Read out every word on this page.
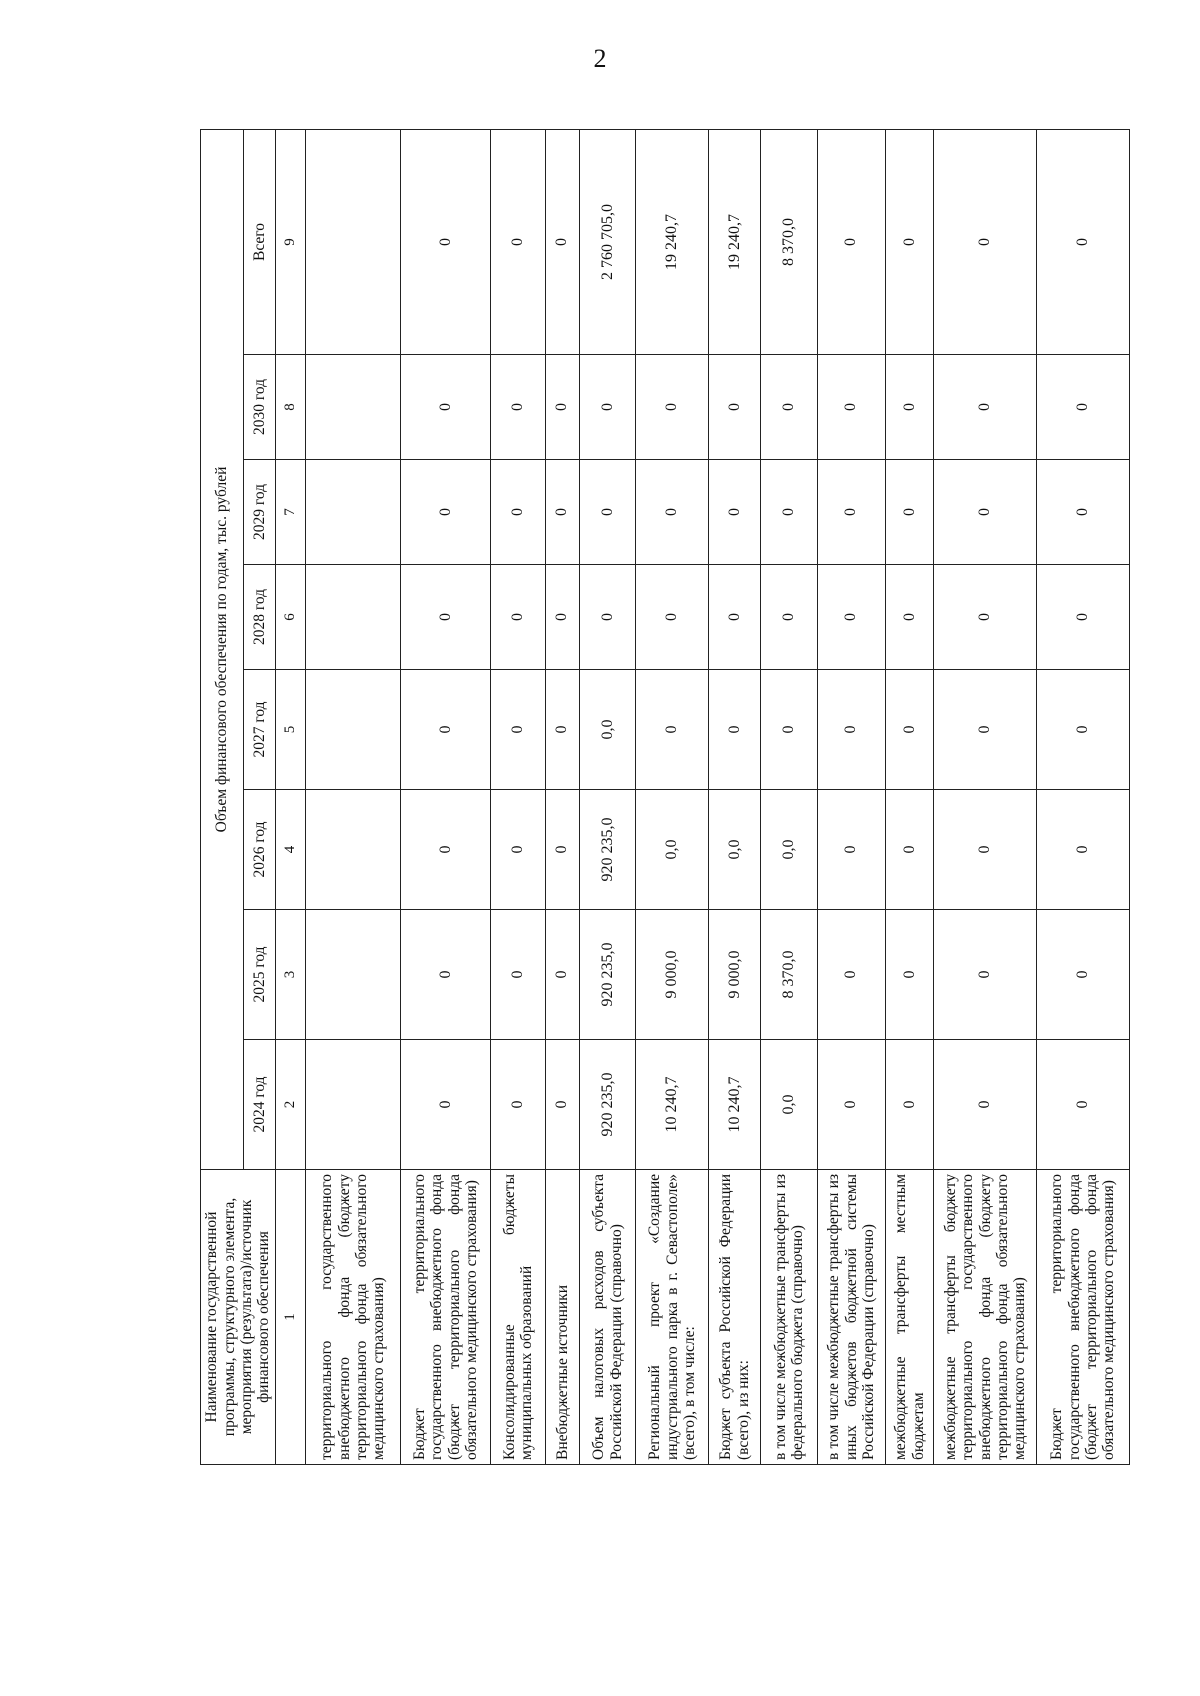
2
Наименование государственной программы, структурного элемента, мероприятия (результата)/источник финансового обеспечения	Объем финансового обеспечения по годам, тыс. рублей							
	2024 год	2025 год	2026 год	2027 год	2028 год	2029 год	2030 год	Всего
1	2	3	4	5	6	7	8	9
территориального государственного внебюджетного фонда (бюджету территориального фонда обязательного медицинского страхования)								
Бюджет территориального государственного внебюджетного фонда (бюджет территориального фонда обязательного медицинского страхования)	0	0	0	0	0	0	0	0
Консолидированные бюджеты муниципальных образований	0	0	0	0	0	0	0	0
Внебюджетные источники	0	0	0	0	0	0	0	0
Объем налоговых расходов субъекта Российской Федерации (справочно)	920 235,0	920 235,0	920 235,0	0,0	0	0	0	2 760 705,0
Региональный проект «Создание индустриального парка в г. Севастополе» (всего), в том числе:	10 240,7	9 000,0	0,0	0	0	0	0	19 240,7
Бюджет субъекта Российской Федерации (всего), из них:	10 240,7	9 000,0	0,0	0	0	0	0	19 240,7
в том числе межбюджетные трансферты из федерального бюджета (справочно)	0,0	8 370,0	0,0	0	0	0	0	8 370,0
в том числе межбюджетные трансферты из иных бюджетов бюджетной системы Российской Федерации (справочно)	0	0	0	0	0	0	0	0
межбюджетные трансферты местным бюджетам	0	0	0	0	0	0	0	0
межбюджетные трансферты бюджету территориального государственного внебюджетного фонда (бюджету территориального фонда обязательного медицинского страхования)	0	0	0	0	0	0	0	0
Бюджет территориального государственного внебюджетного фонда (бюджет территориального фонда обязательного медицинского страхования)	0	0	0	0	0	0	0	0
